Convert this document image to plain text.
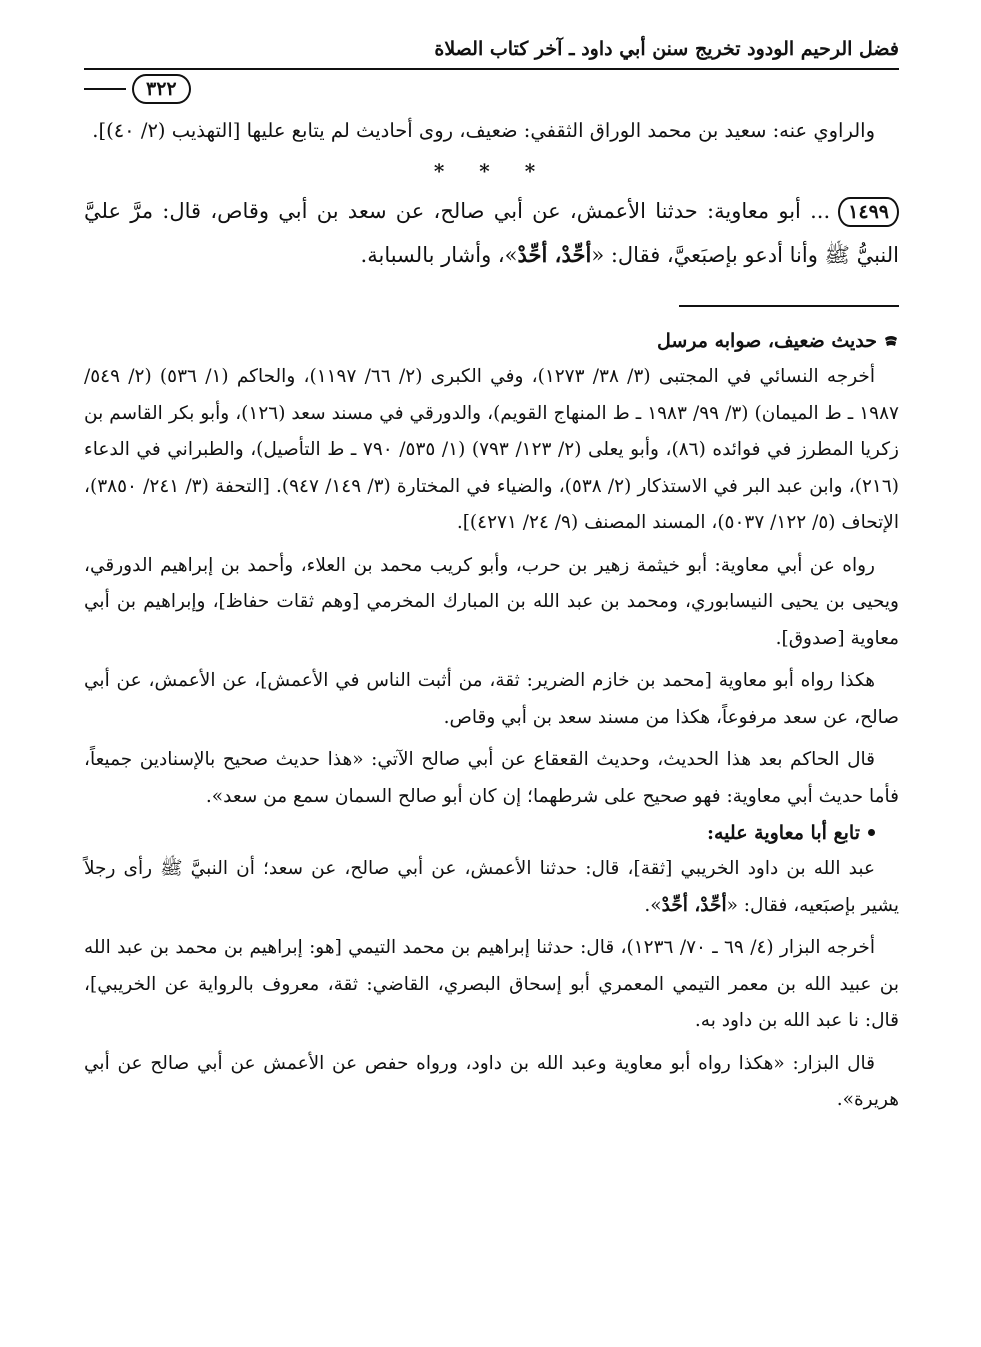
فضل الرحيم الودود تخريج سنن أبي داود ـ آخر كتاب الصلاة
٣٢٢

والراوي عنه: سعيد بن محمد الوراق الثقفي: ضعيف، روى أحاديث لم يتابع عليها [التهذيب (٢/ ٤٠)].

* * *

١٤٩٩... أبو معاوية: حدثنا الأعمش، عن أبي صالح، عن سعد بن أبي وقاص، قال: مرَّ عليَّ النبيُّ ﷺ وأنا أدعو بإصبَعيَّ، فقال: «أحِّدْ، أحِّدْ»، وأشار بالسبابة.

حديث ضعيف، صوابه مرسل

أخرجه النسائي في المجتبى (٣/ ٣٨/ ١٢٧٣)، وفي الكبرى (٢/ ٦٦/ ١١٩٧)، والحاكم (١/ ٥٣٦) (٢/ ٥٤٩/ ١٩٨٧ ـ ط الميمان) (٣/ ٩٩/ ١٩٨٣ ـ ط المنهاج القويم)، والدورقي في مسند سعد (١٢٦)، وأبو بكر القاسم بن زكريا المطرز في فوائده (٨٦)، وأبو يعلى (٢/ ١٢٣/ ٧٩٣) (١/ ٥٣٥/ ٧٩٠ ـ ط التأصيل)، والطبراني في الدعاء (٢١٦)، وابن عبد البر في الاستذكار (٢/ ٥٣٨)، والضياء في المختارة (٣/ ١٤٩/ ٩٤٧). [التحفة (٣/ ٢٤١/ ٣٨٥٠)، الإتحاف (٥/ ١٢٢/ ٥٠٣٧)، المسند المصنف (٩/ ٢٤/ ٤٢٧١)].

رواه عن أبي معاوية: أبو خيثمة زهير بن حرب، وأبو كريب محمد بن العلاء، وأحمد بن إبراهيم الدورقي، ويحيى بن يحيى النيسابوري، ومحمد بن عبد الله بن المبارك المخرمي [وهم ثقات حفاظ]، وإبراهيم بن أبي معاوية [صدوق].

هكذا رواه أبو معاوية [محمد بن خازم الضرير: ثقة، من أثبت الناس في الأعمش]، عن الأعمش، عن أبي صالح، عن سعد مرفوعاً، هكذا من مسند سعد بن أبي وقاص.

قال الحاكم بعد هذا الحديث، وحديث القعقاع عن أبي صالح الآتي: «هذا حديث صحيح بالإسنادين جميعاً، فأما حديث أبي معاوية: فهو صحيح على شرطهما؛ إن كان أبو صالح السمان سمع من سعد».

تابع أبا معاوية عليه:

عبد الله بن داود الخريبي [ثقة]، قال: حدثنا الأعمش، عن أبي صالح، عن سعد؛ أن النبيَّ ﷺ رأى رجلاً يشير بإصبَعيه، فقال: «أحِّدْ، أحِّدْ».

أخرجه البزار (٤/ ٦٩ ـ ٧٠/ ١٢٣٦)، قال: حدثنا إبراهيم بن محمد التيمي [هو: إبراهيم بن محمد بن عبد الله بن عبيد الله بن معمر التيمي المعمري أبو إسحاق البصري، القاضي: ثقة، معروف بالرواية عن الخريبي]، قال: نا عبد الله بن داود به.

قال البزار: «هكذا رواه أبو معاوية وعبد الله بن داود، ورواه حفص عن الأعمش عن أبي صالح عن أبي هريرة».
